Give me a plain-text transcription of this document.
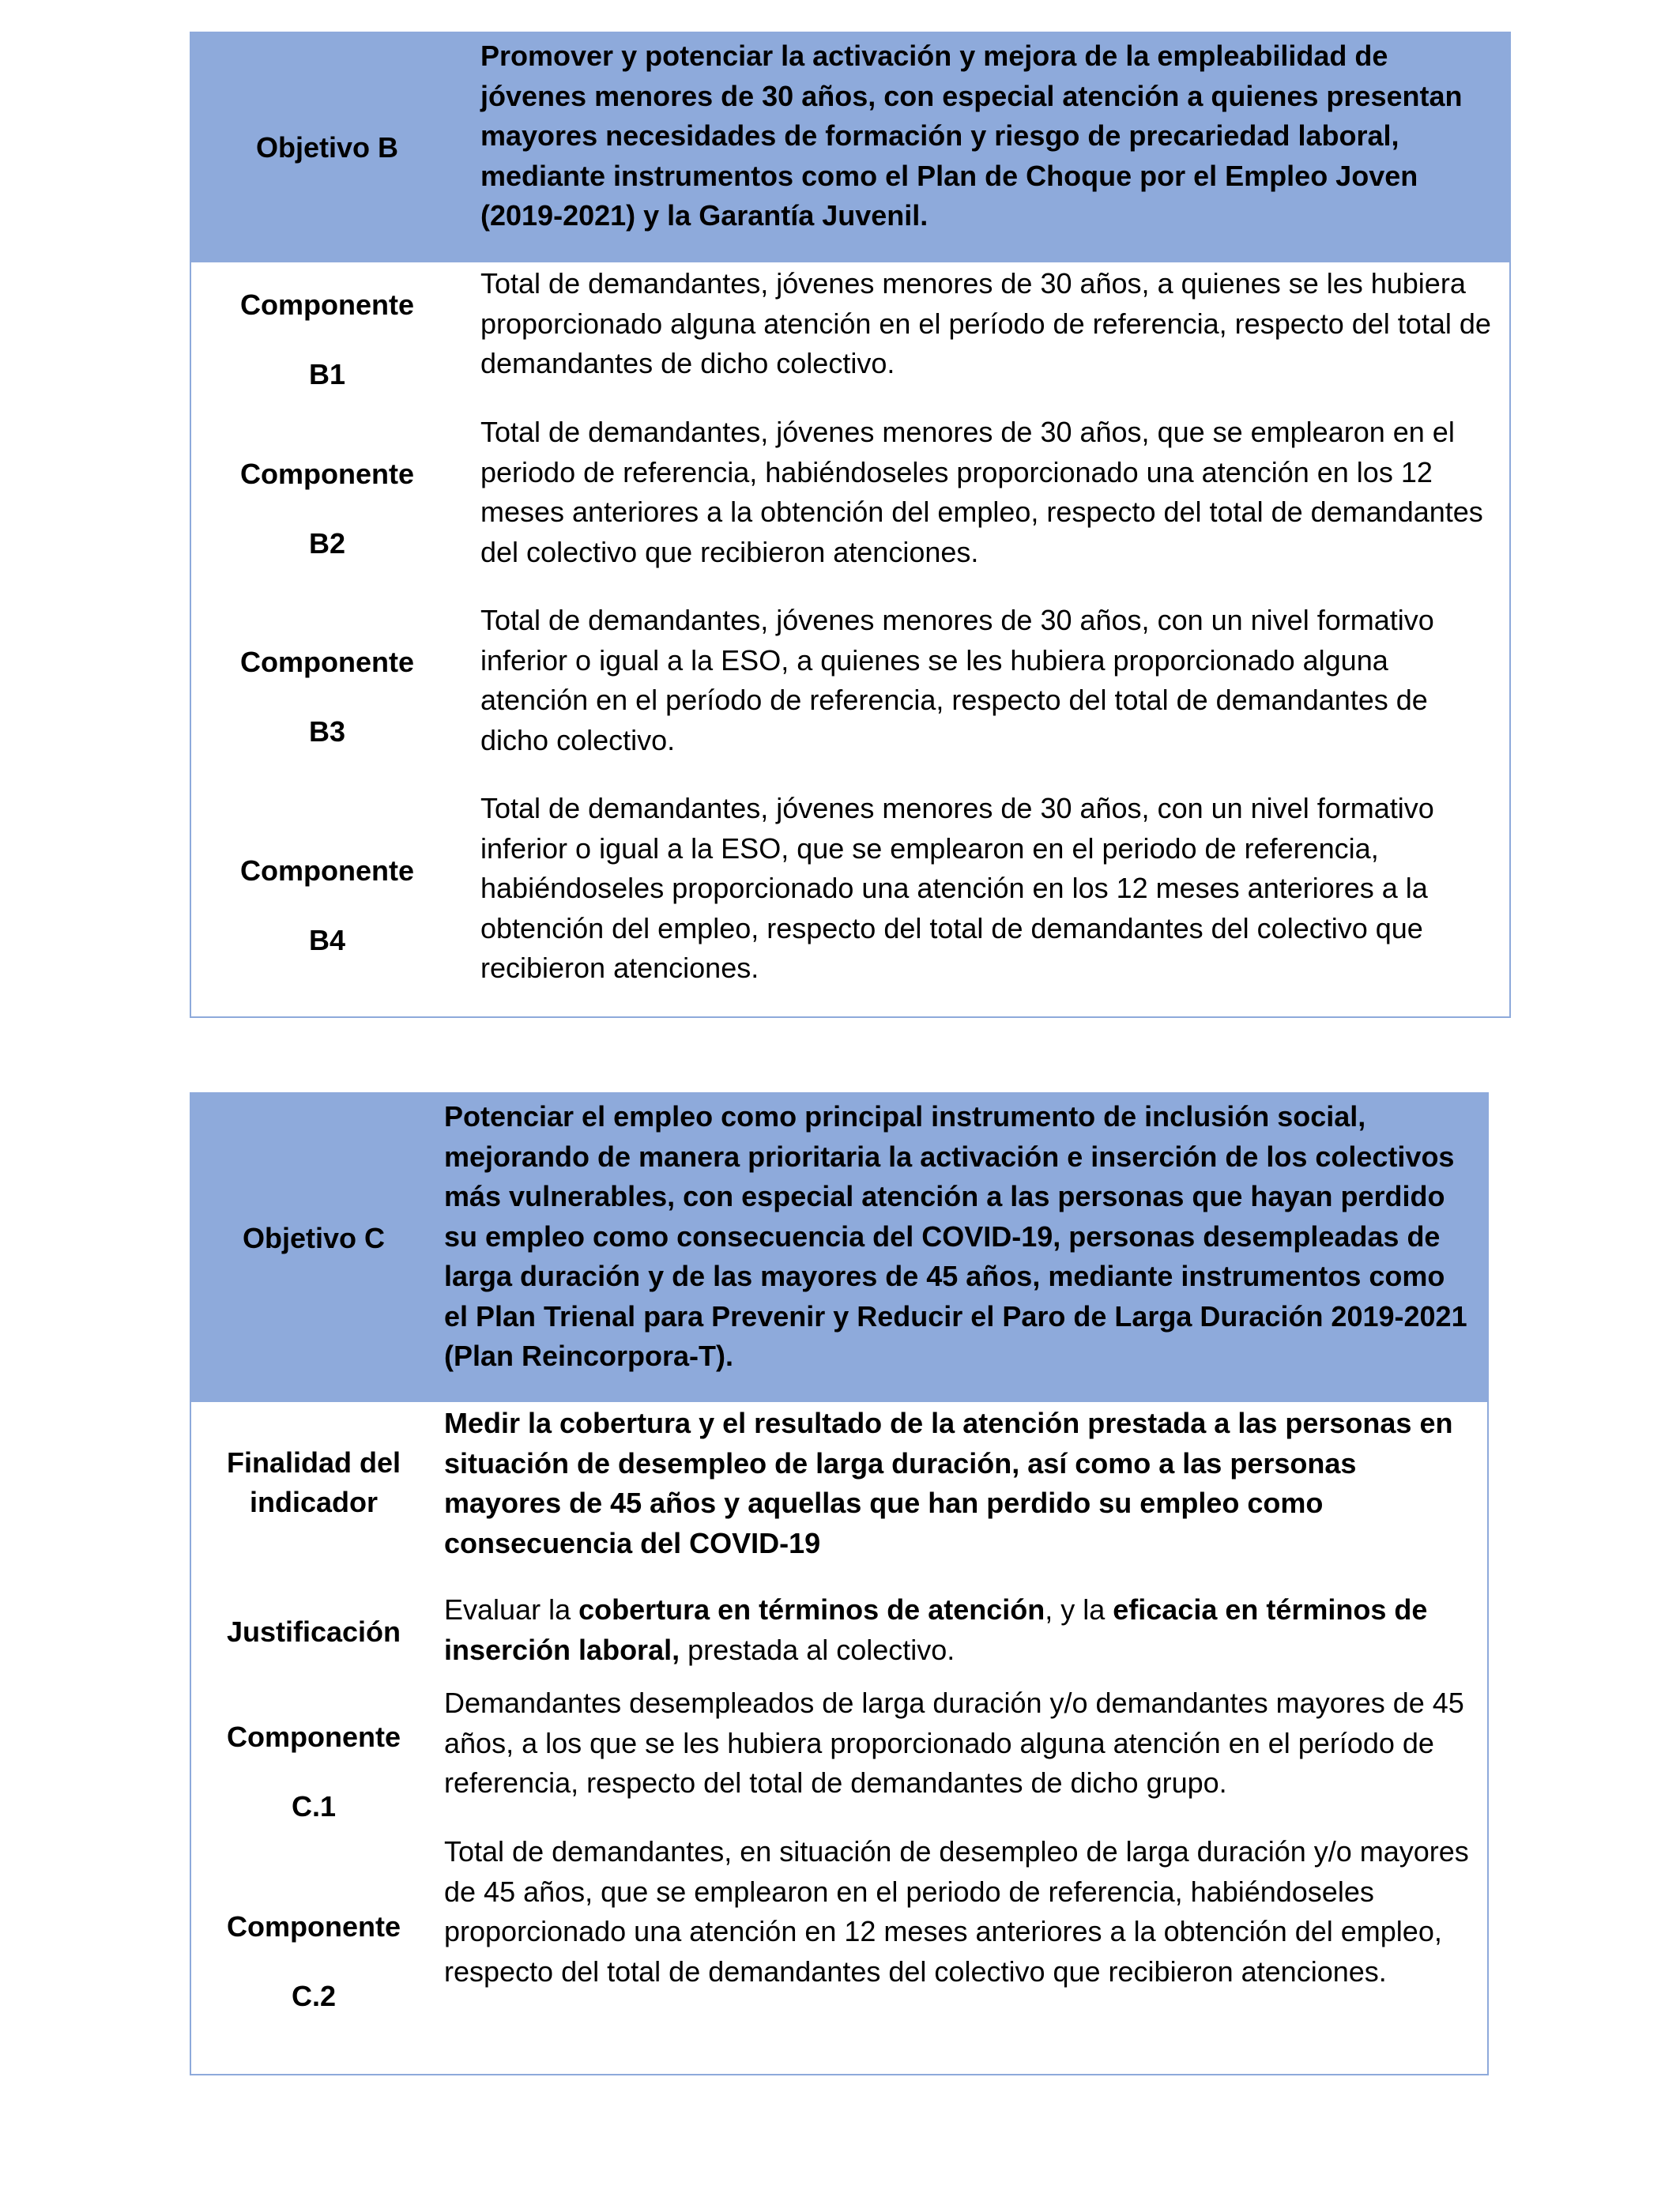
Objetivo B
Promover y potenciar la activación y mejora de la empleabilidad de jóvenes menores de 30 años, con especial atención a quienes presentan mayores necesidades de formación y riesgo de precariedad laboral, mediante instrumentos como el Plan de Choque por el Empleo Joven (2019-2021) y la Garantía Juvenil.
Componente
B1
Total de demandantes, jóvenes menores de 30 años, a quienes se les hubiera proporcionado alguna atención en el período de referencia, respecto del total de demandantes de dicho colectivo.
Componente
B2
Total de demandantes, jóvenes menores de 30 años, que se emplearon en el periodo de referencia, habiéndoseles proporcionado una atención en los 12 meses anteriores a la obtención del empleo, respecto del total de demandantes del colectivo que recibieron atenciones.
Componente
B3
Total de demandantes, jóvenes menores de 30 años, con un nivel formativo inferior o igual a la ESO, a quienes se les hubiera proporcionado alguna atención en el período de referencia, respecto del total de demandantes de dicho colectivo.
Componente
B4
Total de demandantes, jóvenes menores de 30 años, con un nivel formativo inferior o igual a la ESO, que se emplearon en el periodo de referencia, habiéndoseles proporcionado una atención en los 12 meses anteriores a la obtención del empleo, respecto del total de demandantes del colectivo que recibieron atenciones.
Objetivo C
Potenciar el empleo como principal instrumento de inclusión social, mejorando de manera prioritaria la activación e inserción de los colectivos más vulnerables, con especial atención a las personas que hayan perdido su empleo como consecuencia del COVID-19, personas desempleadas de larga duración y de las mayores de 45 años, mediante instrumentos como el Plan Trienal para Prevenir y Reducir el Paro de Larga Duración 2019-2021 (Plan Reincorpora-T).
Finalidad del
indicador
Medir la cobertura y el resultado de la atención prestada a las personas en situación de desempleo de larga duración, así como a las personas mayores de 45 años y aquellas que han perdido su empleo como consecuencia del COVID-19
Justificación
Evaluar la cobertura en términos de atención, y la eficacia en términos de inserción laboral, prestada al colectivo.
Componente
C.1
Demandantes desempleados de larga duración y/o demandantes mayores de 45 años, a los que se les hubiera proporcionado alguna atención en el período de referencia, respecto del total de demandantes de dicho grupo.
Componente
C.2
Total de demandantes, en situación de desempleo de larga duración y/o mayores de 45 años, que se emplearon en el periodo de referencia, habiéndoseles proporcionado una atención en 12 meses anteriores a la obtención del empleo, respecto del total de demandantes del colectivo que recibieron atenciones.
